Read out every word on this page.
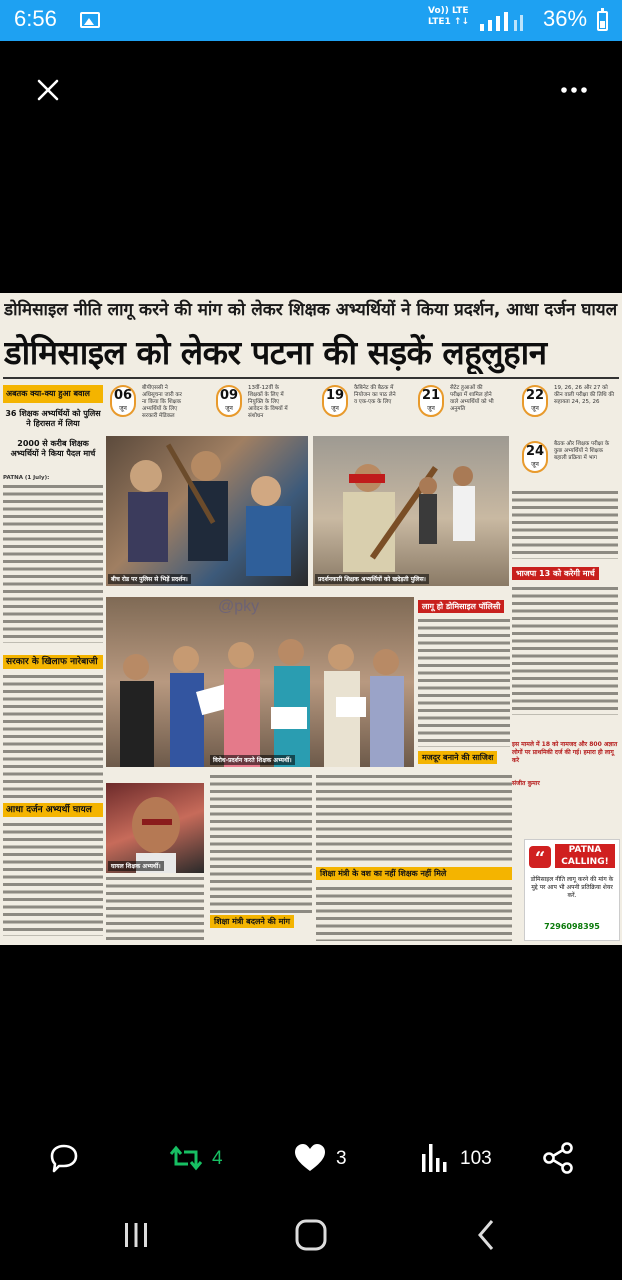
6:56	Vo)) LTE
LTE1 ↑↓	36%
डोमिसाइल नीति लागू करने की मांग को लेकर शिक्षक अभ्यर्थियों ने किया प्रदर्शन, आधा दर्जन घायल
डोमिसाइल को लेकर पटना की सड़कें लहूलुहान
अबतक क्या-क्या हुआ बवाल
36 शिक्षक अभ्यर्थियों को पुलिस ने हिरासत में लिया
2000 से करीब शिक्षक अभ्यर्थियों ने किया पैदल मार्च
PATNA (1 July):
सरकार के खिलाफ नारेबाजी
आधा दर्जन अभ्यर्थी घायल
06
जून
बीपीएससी ने अधिसूचना जारी कर ना किया कि शिक्षक अभ्यर्थियों के लिए सरकारी मेडिकल
09
जून
13वीं-12वीं के शिक्षकों के लिए में नियुक्ति के लिए आवेदन के विषयों में संशोधन
19
जून
कैबिनेट की बैठक में नियोजन का पाठ लेने व एक-एक के लिए	21
जून
सैटेट हुआओं की परीक्षा में शामिल होने वाले अभ्यर्थियों को भी अनुमति
22
जून
19, 26, 26 और 27 को कीन वाली परीक्षा की तिथि की सहायता 24, 25, 26
24
जून
बैठक और शिक्षक परीक्षा के कुछ अभ्यर्थियों ने शिक्षक बहाली प्रक्रिया में भाग
बीच रोड पर पुलिस से भिड़ें प्रदर्शन।	प्रदर्शनकारी शिक्षक अभ्यर्थियों को खदेड़ती पुलिस।
विरोध-प्रदर्शन करते शिक्षक अभ्यर्थी।
@pky
घायल शिक्षक अभ्यर्थी।
शिक्षा मंत्री बदलने की मांग
शिक्षा मंत्री के वश का नहीं शिक्षक नहीं मिले
लागू हो डोमिसाइल पॉलिसी
मजदूर बनाने की साजिश
भाजपा 13 को करेगी मार्च
इस मामले में 18 को नामजद और 800 अज्ञात लोगों पर प्राथमिकी दर्ज की गई। हमारा ही लागू करे
संजीत कुमार
“	PATNA CALLING!
डोमिसाइल नीति लागू करने की मांग के मुद्दे पर आप भी अपनी प्रतिक्रिया शेयर करें.
7296098395
4	3	103
